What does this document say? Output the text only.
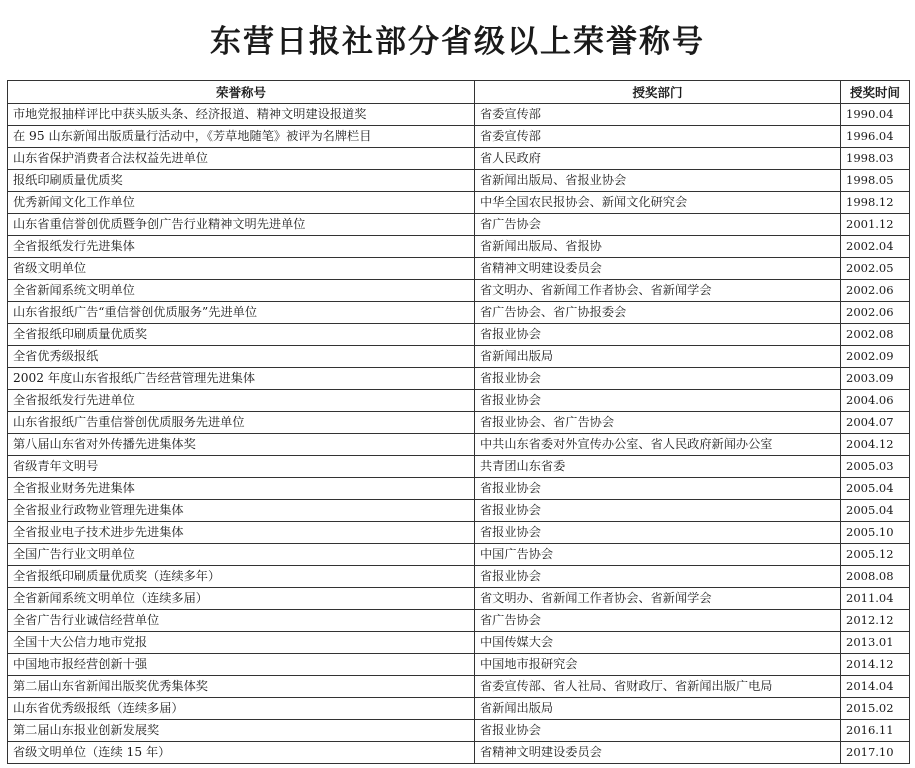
东营日报社部分省级以上荣誉称号
荣誉称号	授奖部门	授奖时间
市地党报抽样评比中获头版头条、经济报道、精神文明建设报道奖	省委宣传部	1990.04
在 95 山东新闻出版质量行活动中，《芳草地随笔》被评为名牌栏目	省委宣传部	1996.04
山东省保护消费者合法权益先进单位	省人民政府	1998.03
报纸印刷质量优质奖	省新闻出版局、省报业协会	1998.05
优秀新闻文化工作单位	中华全国农民报协会、新闻文化研究会	1998.12
山东省重信誉创优质暨争创广告行业精神文明先进单位	省广告协会	2001.12
全省报纸发行先进集体	省新闻出版局、省报协	2002.04
省级文明单位	省精神文明建设委员会	2002.05
全省新闻系统文明单位	省文明办、省新闻工作者协会、省新闻学会	2002.06
山东省报纸广告“重信誉创优质服务”先进单位	省广告协会、省广协报委会	2002.06
全省报纸印刷质量优质奖	省报业协会	2002.08
全省优秀级报纸	省新闻出版局	2002.09
2002 年度山东省报纸广告经营管理先进集体	省报业协会	2003.09
全省报纸发行先进单位	省报业协会	2004.06
山东省报纸广告重信誉创优质服务先进单位	省报业协会、省广告协会	2004.07
第八届山东省对外传播先进集体奖	中共山东省委对外宣传办公室、省人民政府新闻办公室	2004.12
省级青年文明号	共青团山东省委	2005.03
全省报业财务先进集体	省报业协会	2005.04
全省报业行政物业管理先进集体	省报业协会	2005.04
全省报业电子技术进步先进集体	省报业协会	2005.10
全国广告行业文明单位	中国广告协会	2005.12
全省报纸印刷质量优质奖（连续多年）	省报业协会	2008.08
全省新闻系统文明单位（连续多届）	省文明办、省新闻工作者协会、省新闻学会	2011.04
全省广告行业诚信经营单位	省广告协会	2012.12
全国十大公信力地市党报	中国传媒大会	2013.01
中国地市报经营创新十强	中国地市报研究会	2014.12
第二届山东省新闻出版奖优秀集体奖	省委宣传部、省人社局、省财政厅、省新闻出版广电局	2014.04
山东省优秀级报纸（连续多届）	省新闻出版局	2015.02
第二届山东报业创新发展奖	省报业协会	2016.11
省级文明单位（连续 15 年）	省精神文明建设委员会	2017.10
